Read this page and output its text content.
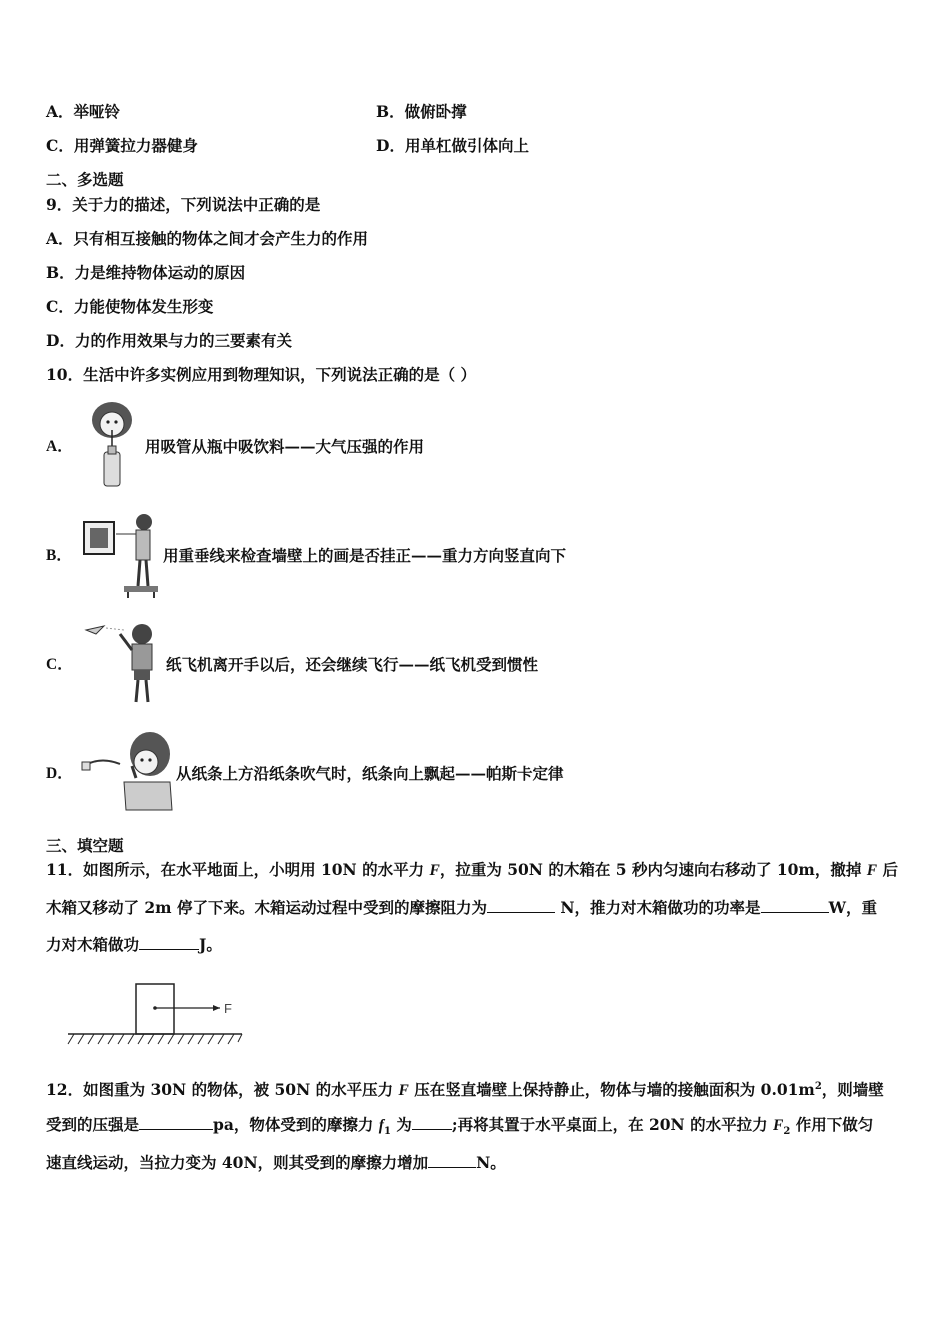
A．举哑铃	B．做俯卧撑
C．用弹簧拉力器健身	D．用单杠做引体向上
二、多选题
9．关于力的描述，下列说法中正确的是
A．只有相互接触的物体之间才会产生力的作用
B．力是维持物体运动的原因
C．力能使物体发生形变
D．力的作用效果与力的三要素有关
10．生活中许多实例应用到物理知识，下列说法正确的是（ ）
A．	用吸管从瓶中吸饮料——大气压强的作用
B．	用重垂线来检查墙壁上的画是否挂正——重力方向竖直向下
C．	纸飞机离开手以后，还会继续飞行——纸飞机受到惯性
D．	从纸条上方沿纸条吹气时，纸条向上飘起——帕斯卡定律
三、填空题
11．如图所示，在水平地面上，小明用 10N 的水平力 F，拉重为 50N 的木箱在 5 秒内匀速向右移动了 10m，撤掉 F 后
木箱又移动了 2m 停了下来。木箱运动过程中受到的摩擦阻力为	N，推力对木箱做功的功率是	W，重
力对木箱做功	J。
F
12．如图重为 30N 的物体，被 50N 的水平压力 F 压在竖直墙壁上保持静止，物体与墙的接触面积为 $0.01m^2$，则墙壁
受到的压强是	pa，物体受到的摩擦力 $f_1$ 为	;再将其置于水平桌面上，在 20N 的水平拉力 $F_2$ 作用下做匀
速直线运动，当拉力变为 40N，则其受到的摩擦力增加	N。
